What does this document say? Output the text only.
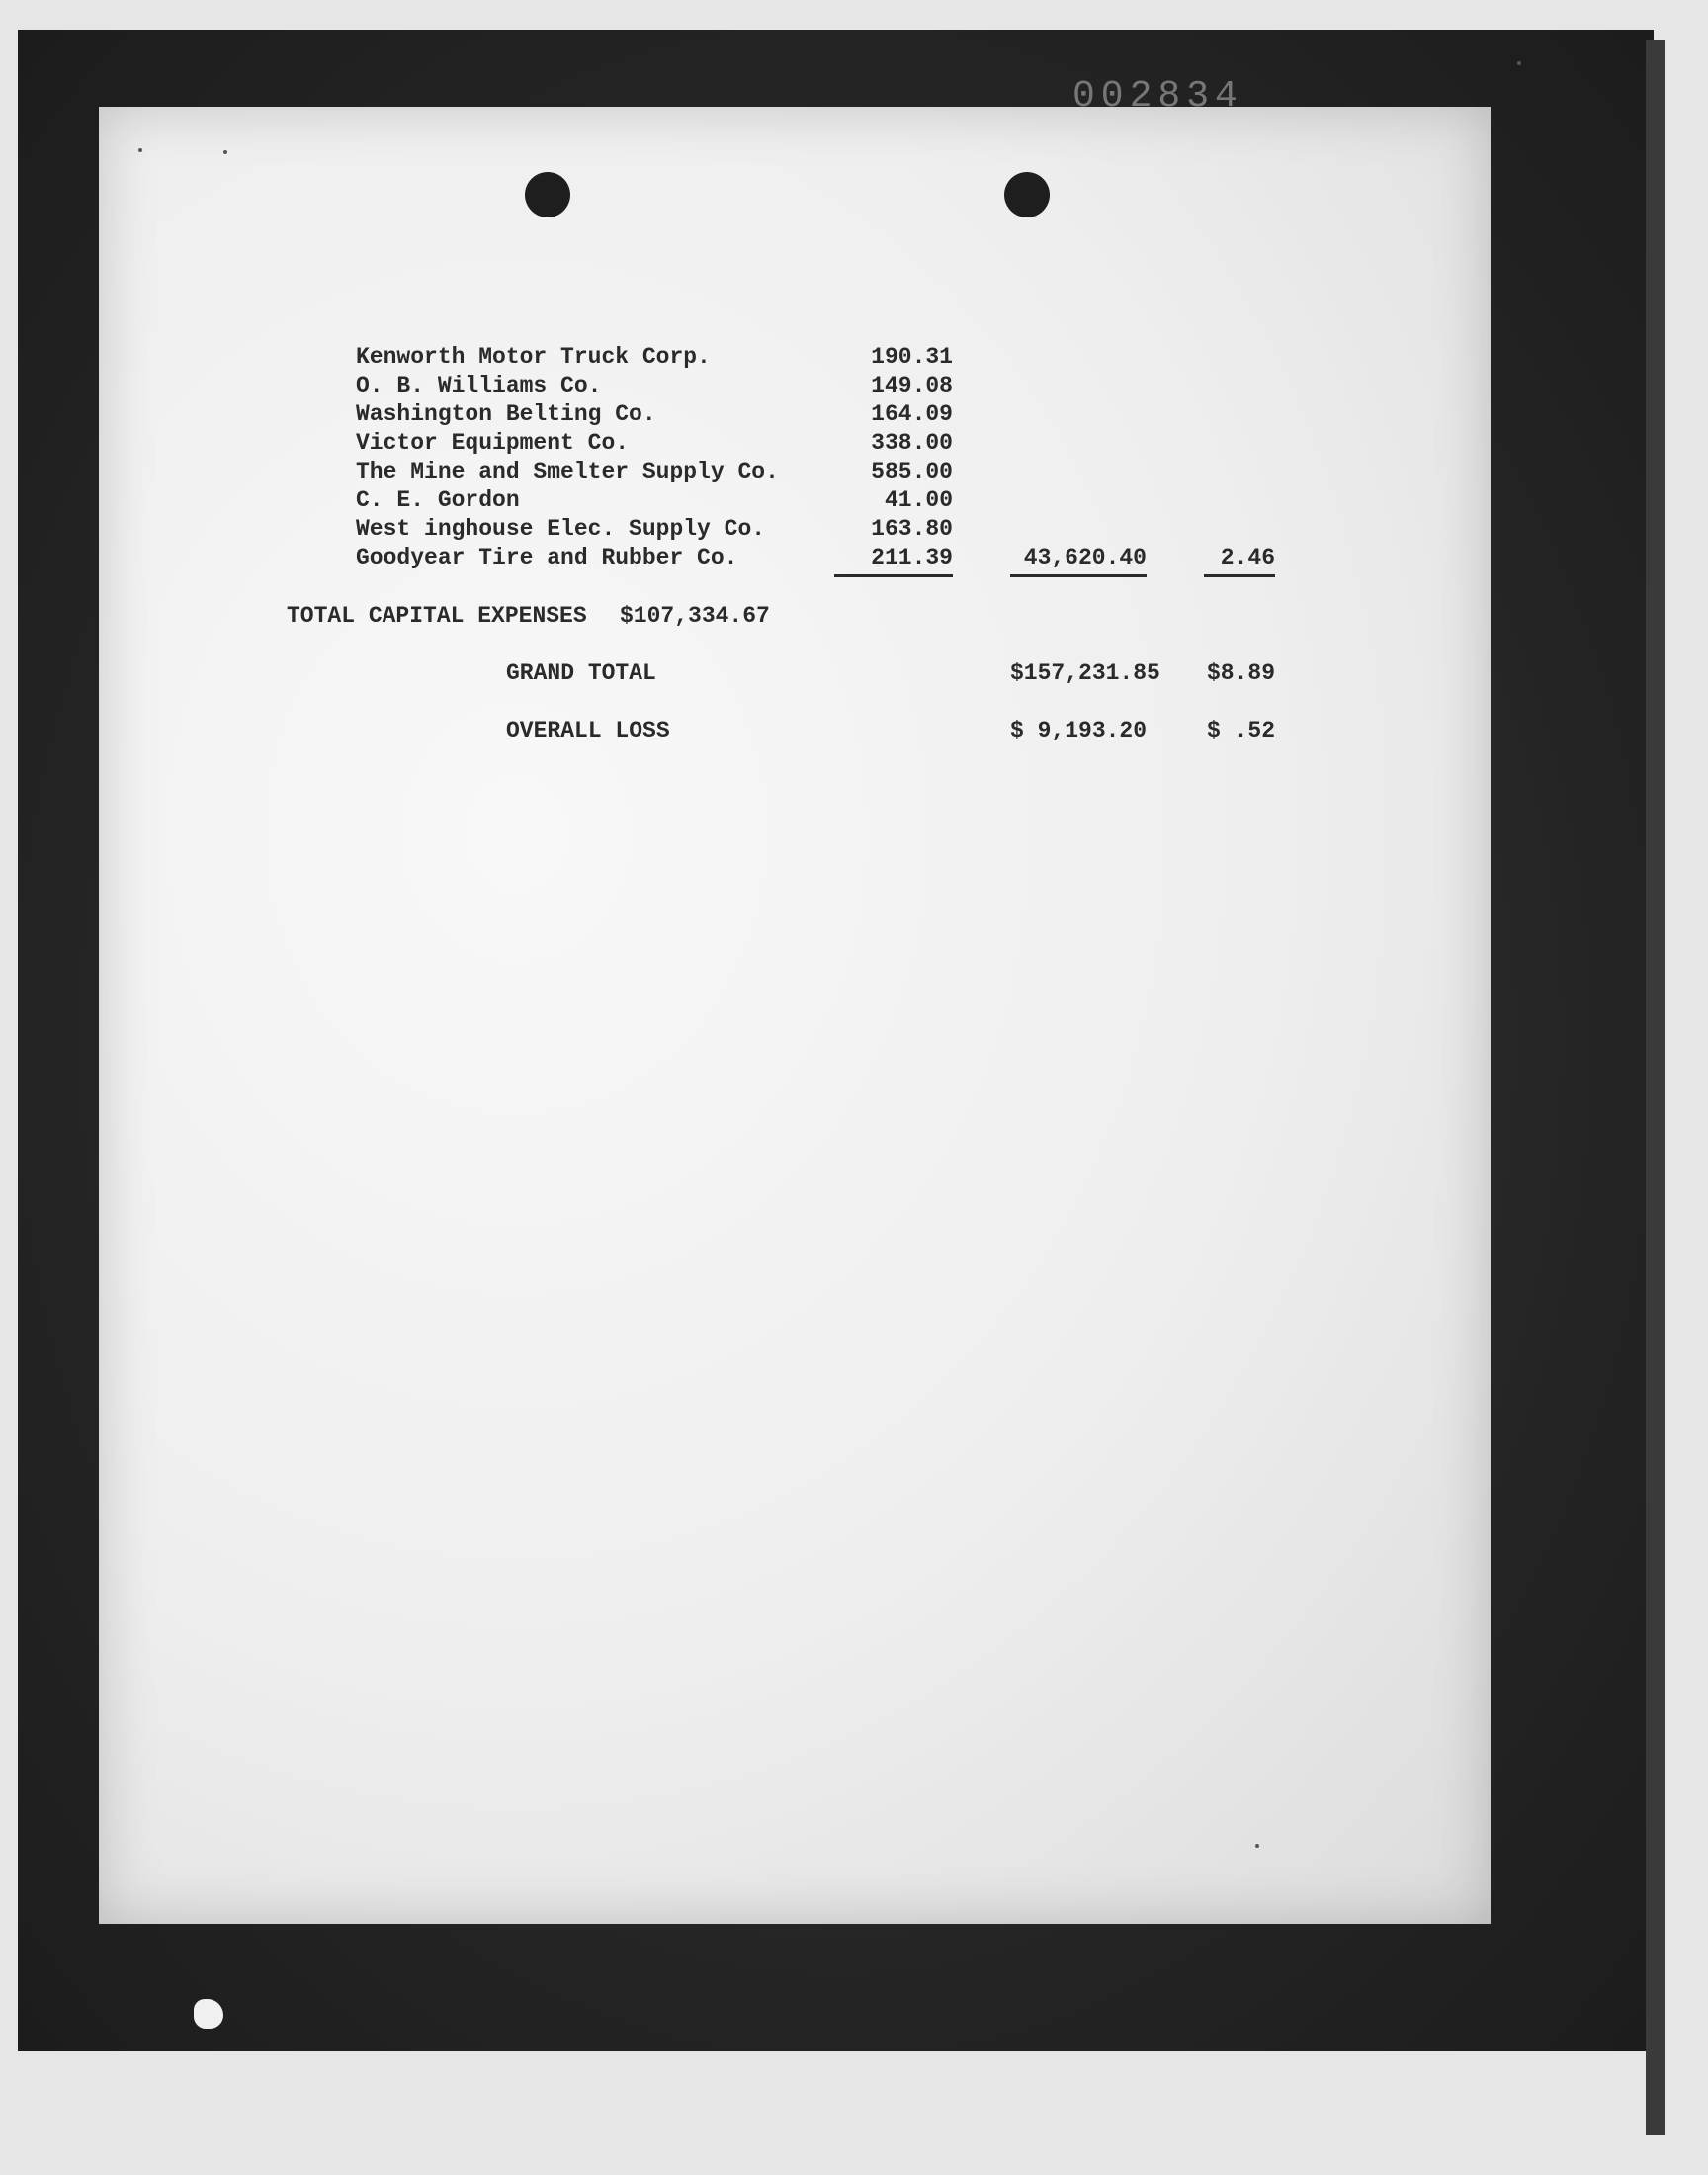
002834
Kenworth Motor Truck Corp.	190.31
O. B. Williams Co.	149.08
Washington Belting Co.	164.09
Victor Equipment Co.	338.00
The Mine and Smelter Supply Co.	585.00
C. E. Gordon	41.00
West inghouse Elec. Supply Co.	163.80
Goodyear Tire and Rubber Co.	211.39	43,620.40	2.46
TOTAL CAPITAL EXPENSES $107,334.67
GRAND TOTAL	$157,231.85 $8.89
OVERALL LOSS	$ 9,193.20	$ .52
